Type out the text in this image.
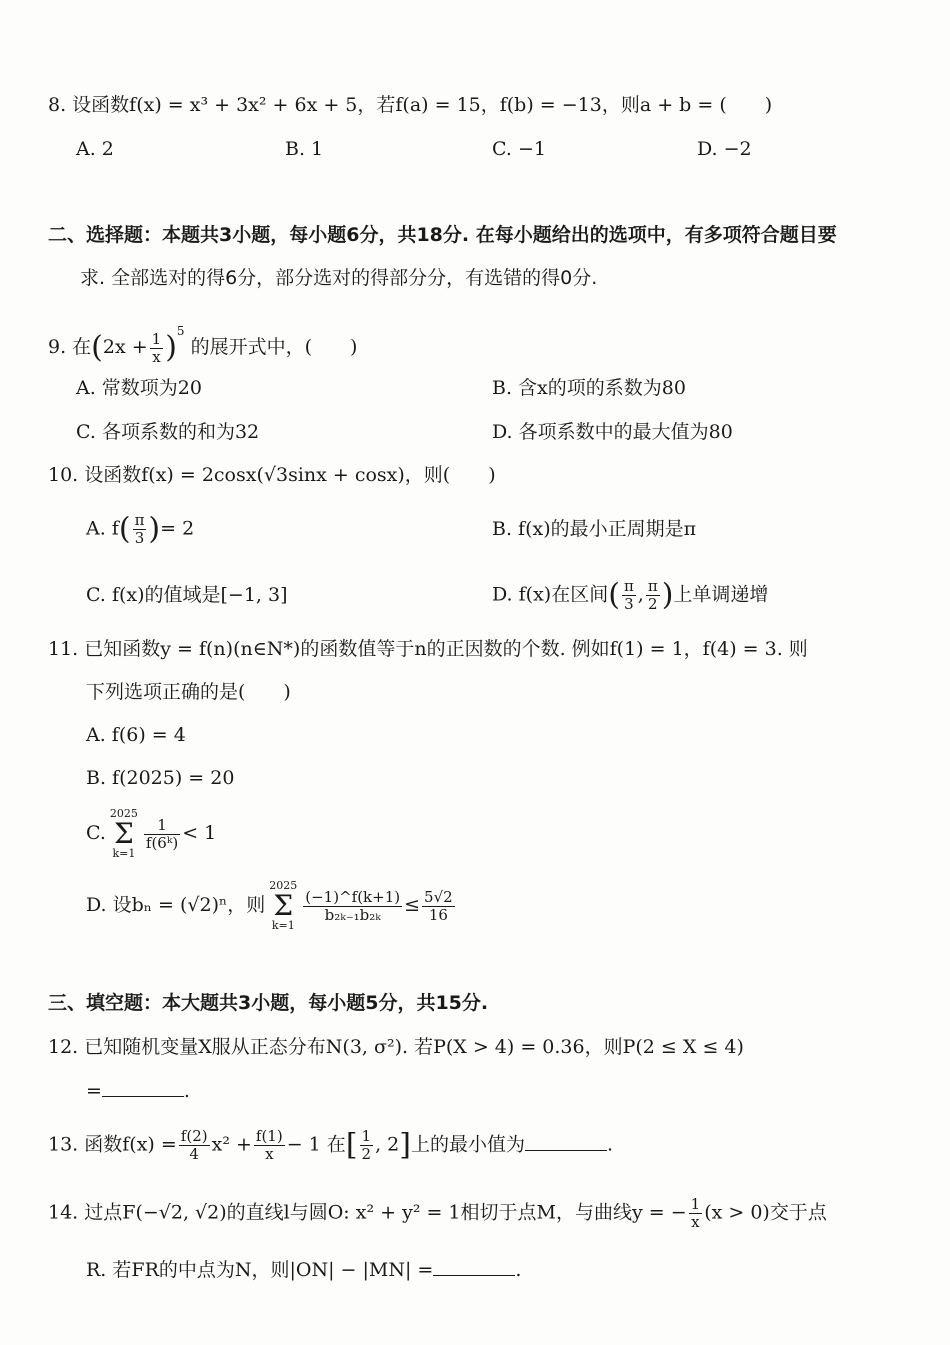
8. 设函数f(x) = x³ + 3x² + 6x + 5，若f(a) = 15，f(b) = −13，则a + b = (　　)
A. 2	B. 1	C. −1	D. −2
二、选择题：本题共3小题，每小题6分，共18分. 在每小题给出的选项中，有多项符合题目要
求. 全部选对的得6分，部分选对的得部分分，有选错的得0分.
9. 在$(2x + \frac{1}{x} )^5$ 的展开式中，(　　)
A. 常数项为20	B. 含x的项的系数为80
C. 各项系数的和为32	D. 各项系数中的最大值为80
10. 设函数f(x) = 2cosx(√3sinx + cosx)，则(　　)
A. $f( \frac{\pi}{3}$ )= 2	B. f(x)的最小正周期是π
C. f(x)的值域是[−1, 3]	D. f(x)在区间( $\frac{\pi}{3}$ , $\frac{\pi}{2}$ )上单调递增
11. 已知函数y = f(n)(n∈N*)的函数值等于n的正因数的个数. 例如f(1) = 1，f(4) = 3. 则
下列选项正确的是(　　)
A. f(6) = 4
B. f(2025) = 20
C.2025
Σ
k=1
$\frac{1}{\text{f(6ᵏ)}} < 1$
D. 设bₙ = (√2)ⁿ，则2025
Σ
k=1
$\frac{(-1)\^{}f(k+1)}{\text{b₂ₖ₋₁b₂ₖ}} \le \frac{5√2}{16}$
三、填空题：本大题共3小题，每小题5分，共15分.
12. 已知随机变量X服从正态分布N(3, σ²). 若P(X > 4) = 0.36，则P(2 ≤ X ≤ 4)
=	.
13. 函数$f(x) = \frac{f(2)}{4} x^2 + \frac{f(1)}{x} - 1$ 在[ $\frac{1}{2}$ , 2]上的最小值为	.
14. 过点F(−√2, √2)的直线l与圆O: x² + y² = 1相切于点M，与曲线y = − $\frac{1}{x} (x > 0)$交于点
R. 若FR的中点为N，则|ON| − |MN| =	.
